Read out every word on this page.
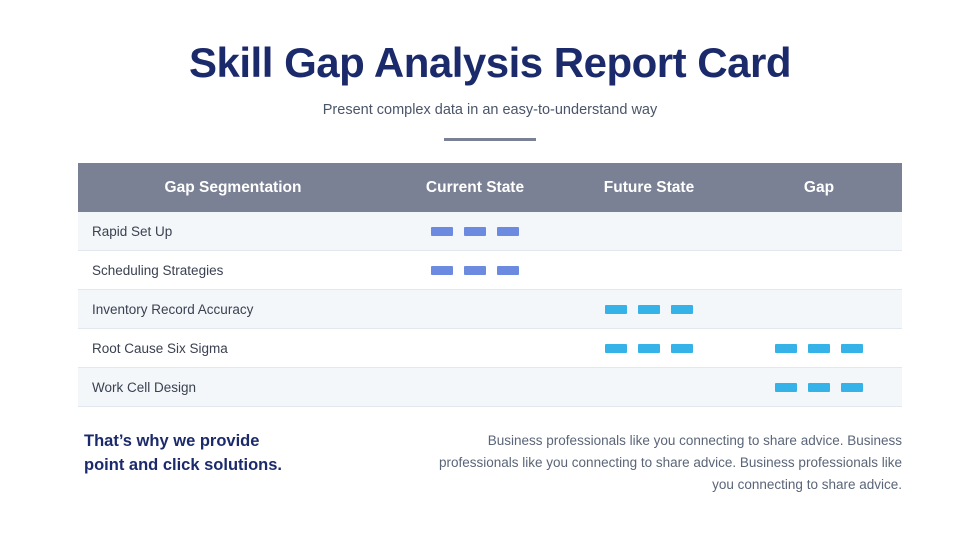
Skill Gap Analysis Report Card

Present complex data in an easy-to-understand way

Gap Segmentation	Current State	Future State	Gap
Rapid Set Up	

Scheduling Strategies	

Inventory Record Accuracy		

Root Cause Six Sigma		

Work Cell Design			
That’s why we provide
point and click solutions.
Business professionals like you connecting to share advice. Business professionals like you connecting to share advice. Business professionals like you connecting to share advice.
